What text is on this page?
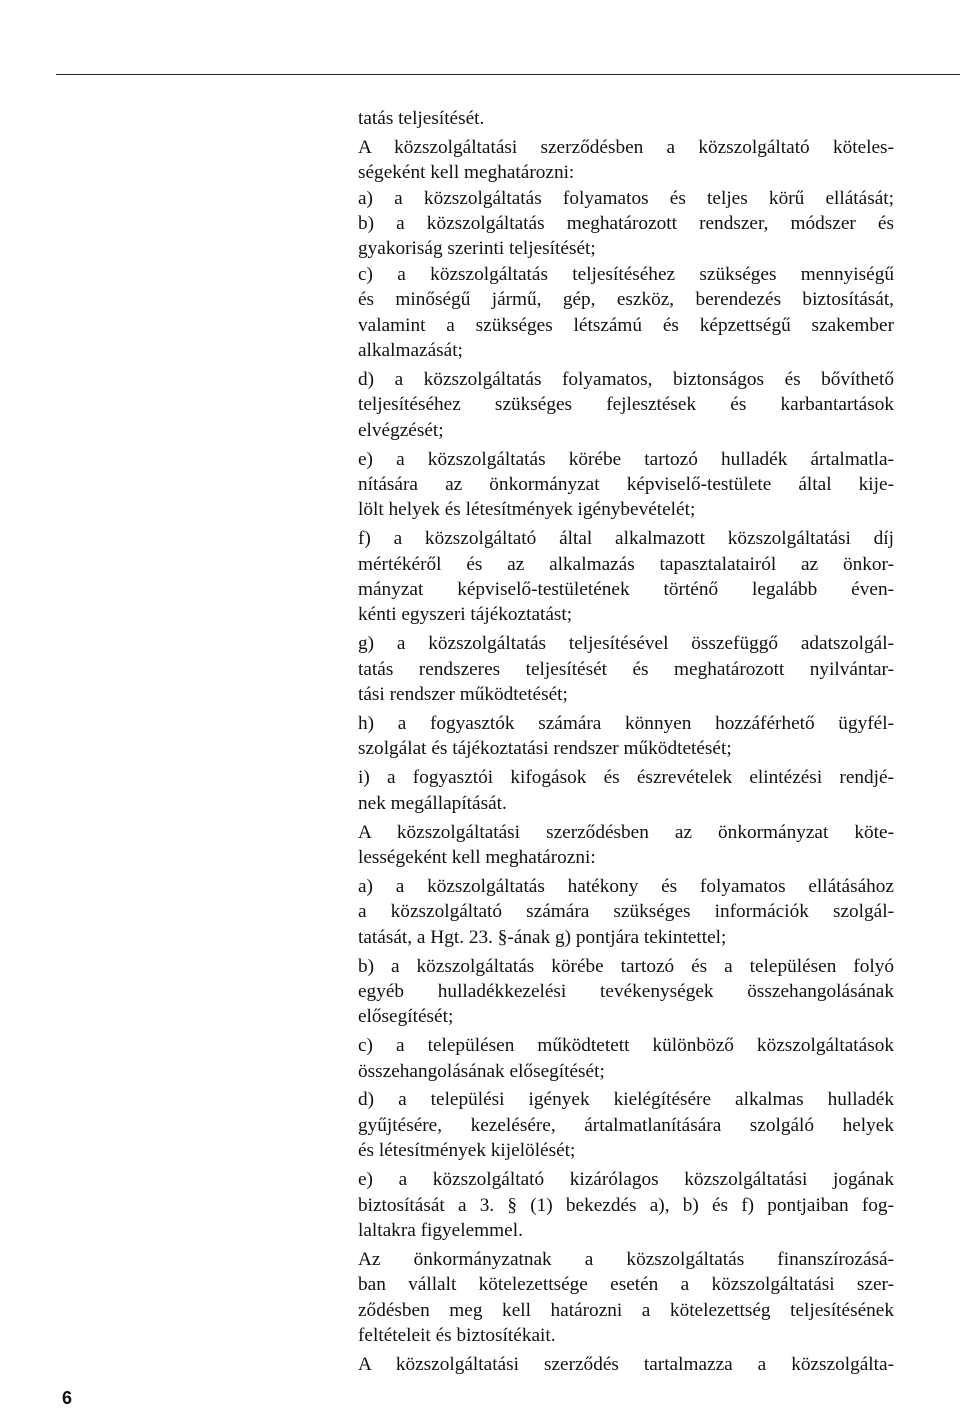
tatás teljesítését.
A közszolgáltatási szerződésben a közszolgáltató köteles-
ségeként kell meghatározni:
a) a közszolgáltatás folyamatos és teljes körű ellátását;
b) a közszolgáltatás meghatározott rendszer, módszer és
gyakoriság szerinti teljesítését;
c) a közszolgáltatás teljesítéséhez szükséges mennyiségű
és minőségű jármű, gép, eszköz, berendezés biztosítását,
valamint a szükséges létszámú és képzettségű szakember
alkalmazását;
d) a közszolgáltatás folyamatos, biztonságos és bővíthető
teljesítéséhez szükséges fejlesztések és karbantartások
elvégzését;
e) a közszolgáltatás körébe tartozó hulladék ártalmatla-
nítására az önkormányzat képviselő-testülete által kije-
lölt helyek és létesítmények igénybevételét;
f) a közszolgáltató által alkalmazott közszolgáltatási díj
mértékéről és az alkalmazás tapasztalatairól az önkor-
mányzat képviselő-testületének történő legalább éven-
kénti egyszeri tájékoztatást;
g) a közszolgáltatás teljesítésével összefüggő adatszolgál-
tatás rendszeres teljesítését és meghatározott nyilvántar-
tási rendszer működtetését;
h) a fogyasztók számára könnyen hozzáférhető ügyfél-
szolgálat és tájékoztatási rendszer működtetését;
i) a fogyasztói kifogások és észrevételek elintézési rendjé-
nek megállapítását.
A közszolgáltatási szerződésben az önkormányzat köte-
lességeként kell meghatározni:
a) a közszolgáltatás hatékony és folyamatos ellátásához
a közszolgáltató számára szükséges információk szolgál-
tatását, a Hgt. 23. §-ának g) pontjára tekintettel;
b) a közszolgáltatás körébe tartozó és a településen folyó
egyéb hulladékkezelési tevékenységek összehangolásának
elősegítését;
c) a településen működtetett különböző közszolgáltatások
összehangolásának elősegítését;
d) a települési igények kielégítésére alkalmas hulladék
gyűjtésére, kezelésére, ártalmatlanítására szolgáló helyek
és létesítmények kijelölését;
e) a közszolgáltató kizárólagos közszolgáltatási jogának
biztosítását a 3. § (1) bekezdés a), b) és f) pontjaiban fog-
laltakra figyelemmel.
Az önkormányzatnak a közszolgáltatás finanszírozásá-
ban vállalt kötelezettsége esetén a közszolgáltatási szer-
ződésben meg kell határozni a kötelezettség teljesítésének
feltételeit és biztosítékait.
A közszolgáltatási szerződés tartalmazza a közszolgálta-
6
